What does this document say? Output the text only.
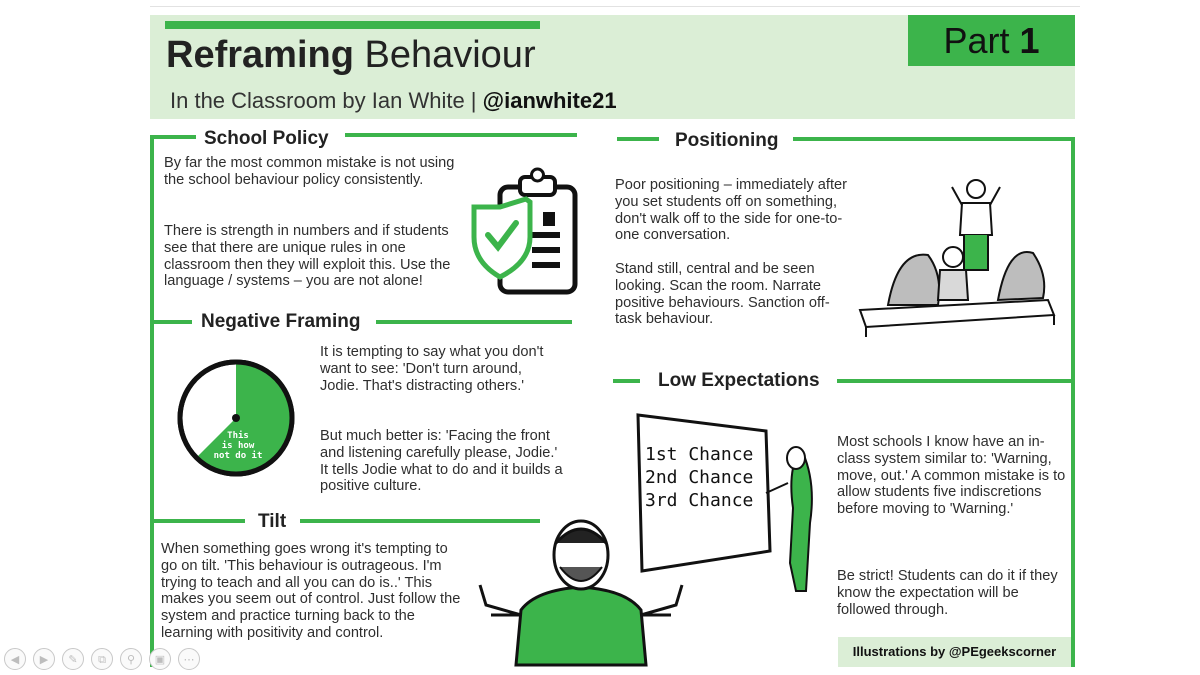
Reframing Behaviour
In the Classroom by Ian White | @ianwhite21
Part 1
School Policy

By far the most common mistake is not using the school behaviour policy consistently.

There is strength in numbers and if students see that there are unique rules in one classroom then they will exploit this. Use the language / systems – you are not alone!

Negative Framing
This
is how
not do it

It is tempting to say what you don't want to see: 'Don't turn around, Jodie. That's distracting others.'

But much better is: 'Facing the front and listening carefully please, Jodie.' It tells Jodie what to do and it builds a positive culture.

Tilt

When something goes wrong it's tempting to go on tilt. 'This behaviour is outrageous. I'm trying to teach and all you can do is..' This makes you seem out of control. Just follow the system and practice turning back to the learning with positivity and control.

Positioning

Poor positioning – immediately after you set students off on something, don't walk off to the side for one-to-one conversation.

Stand still, central and be seen looking. Scan the room. Narrate positive behaviours. Sanction off-task behaviour.

Low Expectations
1st Chance
2nd Chance
3rd Chance

Most schools I know have an in-class system similar to: 'Warning, move, out.' A common mistake is to allow students five indiscretions before moving to 'Warning.'

Be strict! Students can do it if they know the expectation will be followed through.

Illustrations by @PEgeekscorner
◀	▶	✎	⧉	⚲	▣	⋯
